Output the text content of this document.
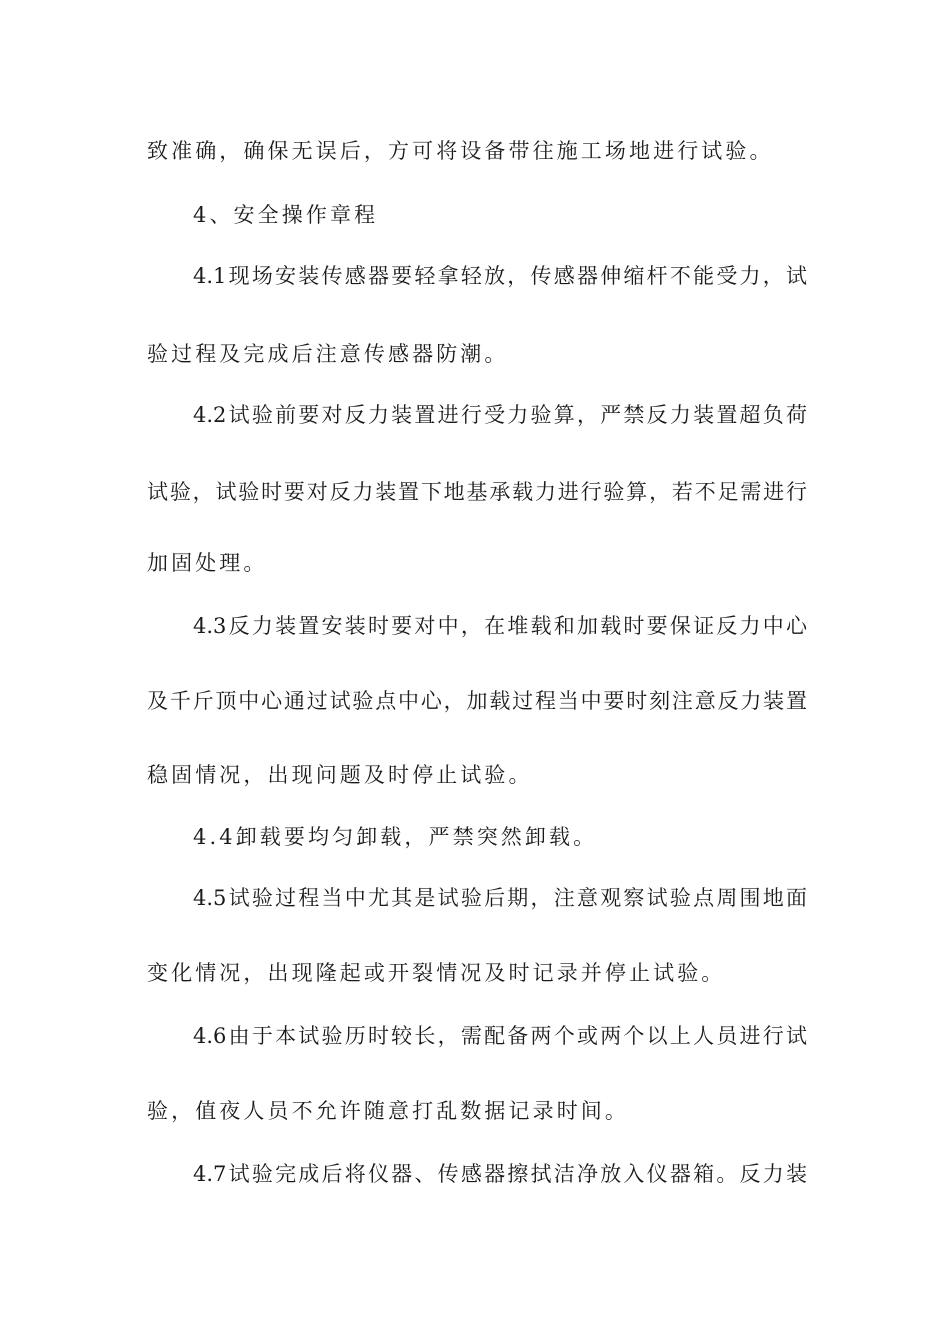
致准确，确保无误后，方可将设备带往施工场地进行试验。
4、安全操作章程
4.1现场安装传感器要轻拿轻放，传感器伸缩杆不能受力，试
验过程及完成后注意传感器防潮。
4.2试验前要对反力装置进行受力验算，严禁反力装置超负荷
试验，试验时要对反力装置下地基承载力进行验算，若不足需进行
加固处理。
4.3反力装置安装时要对中，在堆载和加载时要保证反力中心
及千斤顶中心通过试验点中心，加载过程当中要时刻注意反力装置
稳固情况，出现问题及时停止试验。
4.4卸载要均匀卸载，严禁突然卸载。
4.5试验过程当中尤其是试验后期，注意观察试验点周围地面
变化情况，出现隆起或开裂情况及时记录并停止试验。
4.6由于本试验历时较长，需配备两个或两个以上人员进行试
验，值夜人员不允许随意打乱数据记录时间。
4.7试验完成后将仪器、传感器擦拭洁净放入仪器箱。反力装
